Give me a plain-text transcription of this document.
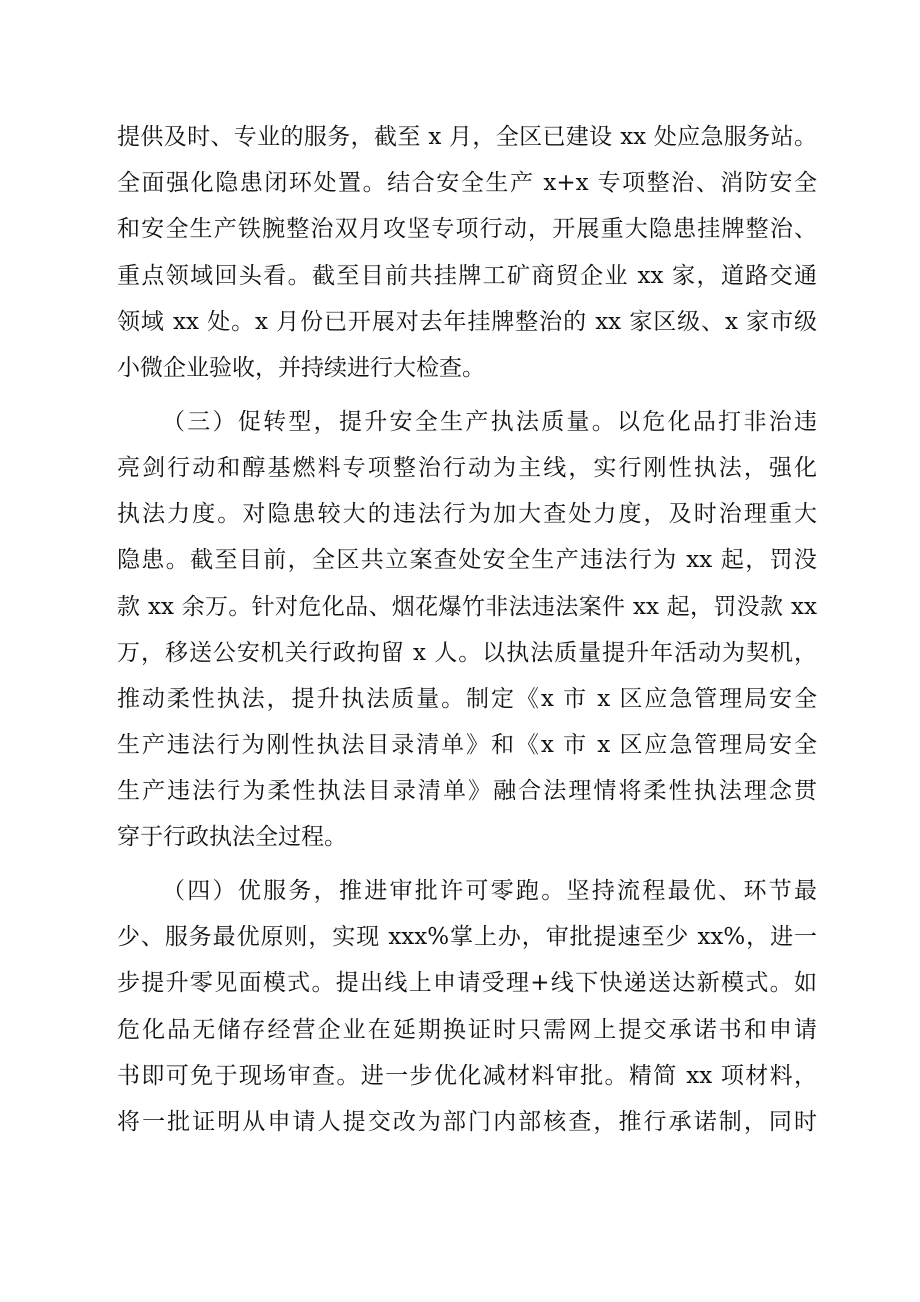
提供及时、专业的服务，截至 x 月，全区已建设 xx 处应急服务站。
全面强化隐患闭环处置。结合安全生产 x+x 专项整治、消防安全
和安全生产铁腕整治双月攻坚专项行动，开展重大隐患挂牌整治、
重点领域回头看。截至目前共挂牌工矿商贸企业 xx 家，道路交通
领域 xx 处。x 月份已开展对去年挂牌整治的 xx 家区级、x 家市级
小微企业验收，并持续进行大检查。
（三）促转型，提升安全生产执法质量。以危化品打非治违
亮剑行动和醇基燃料专项整治行动为主线，实行刚性执法，强化
执法力度。对隐患较大的违法行为加大查处力度，及时治理重大
隐患。截至目前，全区共立案查处安全生产违法行为 xx 起，罚没
款 xx 余万。针对危化品、烟花爆竹非法违法案件 xx 起，罚没款 xx
万，移送公安机关行政拘留 x 人。以执法质量提升年活动为契机，
推动柔性执法，提升执法质量。制定《x 市 x 区应急管理局安全
生产违法行为刚性执法目录清单》和《x 市 x 区应急管理局安全
生产违法行为柔性执法目录清单》融合法理情将柔性执法理念贯
穿于行政执法全过程。
（四）优服务，推进审批许可零跑。坚持流程最优、环节最
少、服务最优原则，实现 xxx%掌上办，审批提速至少 xx%，进一
步提升零见面模式。提出线上申请受理+线下快递送达新模式。如
危化品无储存经营企业在延期换证时只需网上提交承诺书和申请
书即可免于现场审查。进一步优化减材料审批。精简 xx 项材料，
将一批证明从申请人提交改为部门内部核查，推行承诺制，同时
